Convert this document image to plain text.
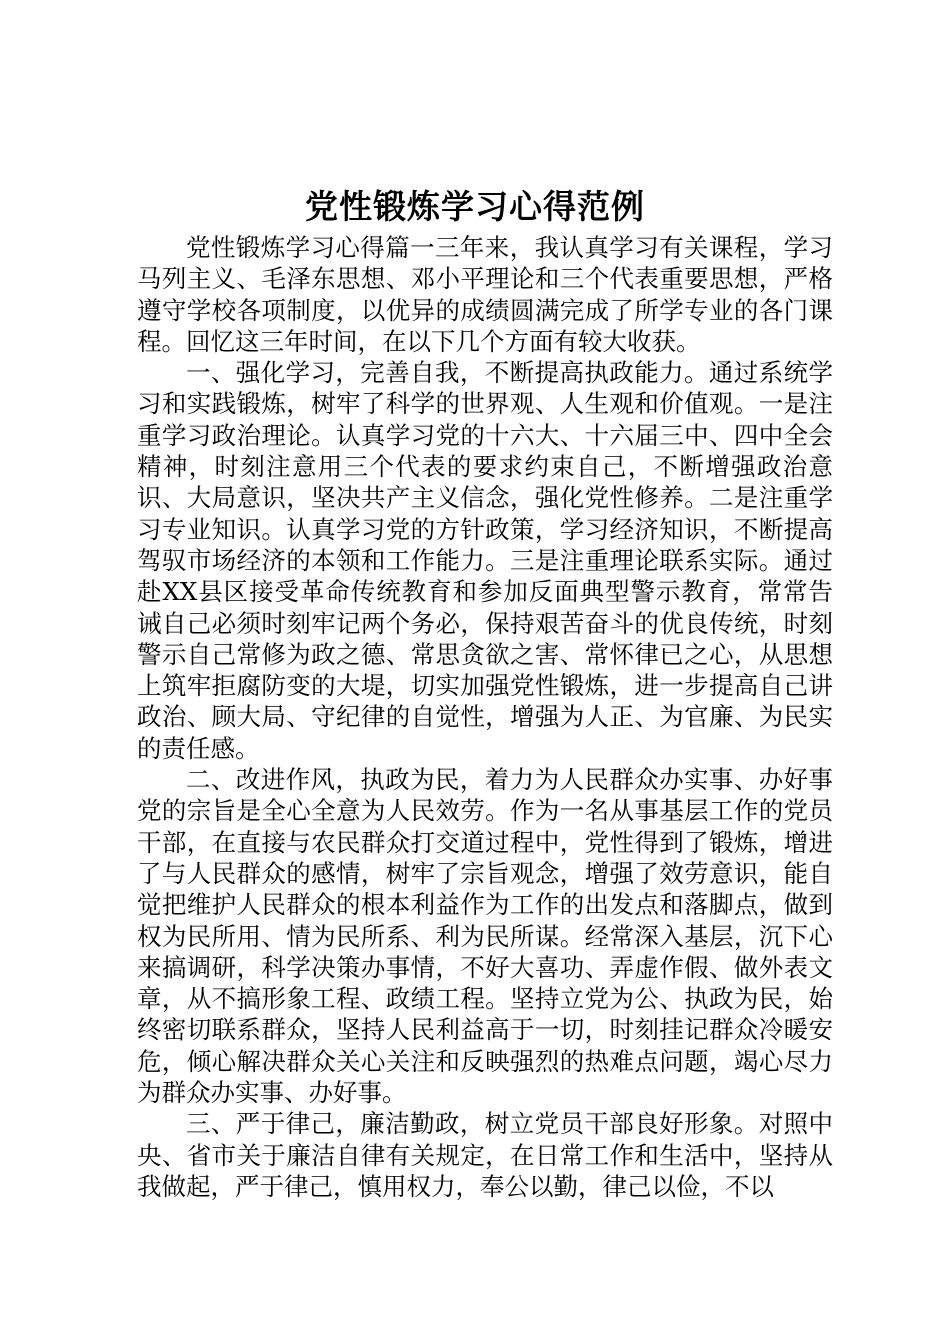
党性锻炼学习心得范例

党性锻炼学习心得篇一三年来，我认真学习有关课程，学习马列主义、毛泽东思想、邓小平理论和三个代表重要思想，严格遵守学校各项制度，以优异的成绩圆满完成了所学专业的各门课程。回忆这三年时间，在以下几个方面有较大收获。

一、强化学习，完善自我，不断提高执政能力。通过系统学习和实践锻炼，树牢了科学的世界观、人生观和价值观。一是注重学习政治理论。认真学习党的十六大、十六届三中、四中全会精神，时刻注意用三个代表的要求约束自己，不断增强政治意识、大局意识，坚决共产主义信念，强化党性修养。二是注重学习专业知识。认真学习党的方针政策，学习经济知识，不断提高驾驭市场经济的本领和工作能力。三是注重理论联系实际。通过赴XX县区接受革命传统教育和参加反面典型警示教育，常常告诫自己必须时刻牢记两个务必，保持艰苦奋斗的优良传统，时刻警示自己常修为政之德、常思贪欲之害、常怀律已之心，从思想上筑牢拒腐防变的大堤，切实加强党性锻炼，进一步提高自己讲政治、顾大局、守纪律的自觉性，增强为人正、为官廉、为民实的责任感。

二、改进作风，执政为民，着力为人民群众办实事、办好事党的宗旨是全心全意为人民效劳。作为一名从事基层工作的党员干部，在直接与农民群众打交道过程中，党性得到了锻炼，增进了与人民群众的感情，树牢了宗旨观念，增强了效劳意识，能自觉把维护人民群众的根本利益作为工作的出发点和落脚点，做到权为民所用、情为民所系、利为民所谋。经常深入基层，沉下心来搞调研，科学决策办事情，不好大喜功、弄虚作假、做外表文章，从不搞形象工程、政绩工程。坚持立党为公、执政为民，始终密切联系群众，坚持人民利益高于一切，时刻挂记群众冷暖安危，倾心解决群众关心关注和反映强烈的热难点问题，竭心尽力为群众办实事、办好事。

三、严于律己，廉洁勤政，树立党员干部良好形象。对照中央、省市关于廉洁自律有关规定，在日常工作和生活中，坚持从我做起，严于律己，慎用权力，奉公以勤，律己以俭，不以
